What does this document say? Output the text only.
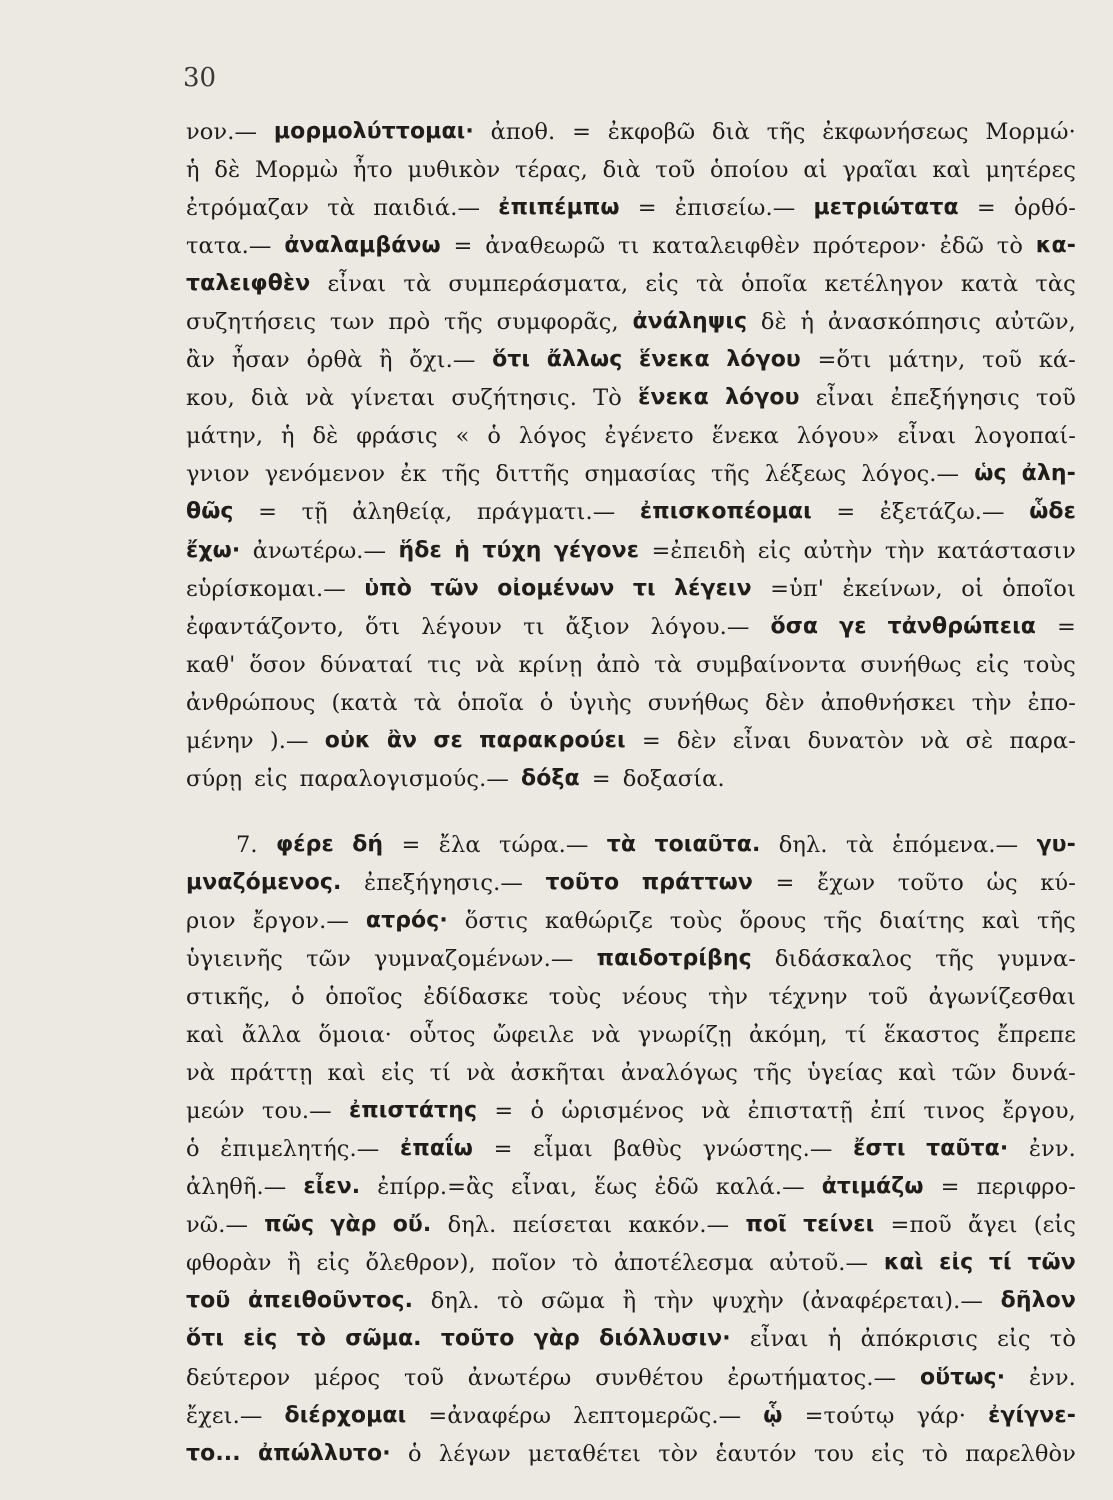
30
νον.— μορμολύττομαι· ἀποθ. = ἐκφοβῶ διὰ τῆς ἐκφωνήσεως Μορμώ·
ἡ δὲ Μορμὼ ἦτο μυθικὸν τέρας, διὰ τοῦ ὁποίου αἱ γραῖαι καὶ μητέρες
ἐτρόμαζαν τὰ παιδιά.— ἐπιπέμπω = ἐπισείω.— μετριώτατα = ὀρθό-
τατα.— ἀναλαμβάνω = ἀναθεωρῶ τι καταλειφθὲν πρότερον· ἐδῶ τὸ κα-
ταλειφθὲν εἶναι τὰ συμπεράσματα, εἰς τὰ ὁποῖα κετέληγον κατὰ τὰς
συζητήσεις των πρὸ τῆς συμφορᾶς, ἀνάληψις δὲ ἡ ἀνασκόπησις αὐτῶν,
ἂν ἦσαν ὀρθὰ ἢ ὄχι.— ὅτι ἄλλως ἕνεκα λόγου =ὅτι μάτην, τοῦ κά-
κου, διὰ νὰ γίνεται συζήτησις. Τὸ ἕνεκα λόγου εἶναι ἐπεξήγησις τοῦ
μάτην, ἡ δὲ φράσις « ὁ λόγος ἐγένετο ἕνεκα λόγου» εἶναι λογοπαί-
γνιον γενόμενον ἐκ τῆς διττῆς σημασίας τῆς λέξεως λόγος.— ὡς ἀλη-
θῶς = τῇ ἀληθείᾳ, πράγματι.— ἐπισκοπέομαι = ἐξετάζω.— ὧδε
ἔχω· ἀνωτέρω.— ἥδε ἡ τύχη γέγονε =ἐπειδὴ εἰς αὐτὴν τὴν κατάστασιν
εὑρίσκομαι.— ὑπὸ τῶν οἰομένων τι λέγειν =ὑπ' ἐκείνων, οἱ ὁποῖοι
ἐφαντάζοντο, ὅτι λέγουν τι ἄξιον λόγου.— ὅσα γε τἀνθρώπεια =
καθ' ὅσον δύναταί τις νὰ κρίνῃ ἀπὸ τὰ συμβαίνοντα συνήθως εἰς τοὺς
ἀνθρώπους (κατὰ τὰ ὁποῖα ὁ ὑγιὴς συνήθως δὲν ἀποθνήσκει τὴν ἐπο-
μένην ).— οὐκ ἂν σε παρακρούει = δὲν εἶναι δυνατὸν νὰ σὲ παρα-
σύρῃ εἰς παραλογισμούς.— δόξα = δοξασία.
7. φέρε δή = ἔλα τώρα.— τὰ τοιαῦτα. δηλ. τὰ ἑπόμενα.— γυ-
μναζόμενος. ἐπεξήγησις.— τοῦτο πράττων = ἔχων τοῦτο ὡς κύ-
ριον ἔργον.— ατρός· ὅστις καθώριζε τοὺς ὅρους τῆς διαίτης καὶ τῆς
ὑγιεινῆς τῶν γυμναζομένων.— παιδοτρίβης διδάσκαλος τῆς γυμνα-
στικῆς, ὁ ὁποῖος ἐδίδασκε τοὺς νέους τὴν τέχνην τοῦ ἀγωνίζεσθαι
καὶ ἄλλα ὅμοια· οὗτος ὤφειλε νὰ γνωρίζῃ ἀκόμη, τί ἕκαστος ἔπρεπε
νὰ πράττῃ καὶ εἰς τί νὰ ἀσκῆται ἀναλόγως τῆς ὑγείας καὶ τῶν δυνά-
μεών του.— ἐπιστάτης = ὁ ὡρισμένος νὰ ἐπιστατῇ ἐπί τινος ἔργου,
ὁ ἐπιμελητής.— ἐπαΐω = εἶμαι βαθὺς γνώστης.— ἔστι ταῦτα· ἐνν.
ἀληθῆ.— εἶεν. ἐπίρρ.=ἂς εἶναι, ἕως ἐδῶ καλά.— ἀτιμάζω = περιφρο-
νῶ.— πῶς γὰρ οὔ. δηλ. πείσεται κακόν.— ποῖ τείνει =ποῦ ἄγει (εἰς
φθορὰν ἢ εἰς ὄλεθρον), ποῖον τὸ ἀποτέλεσμα αὐτοῦ.— καὶ εἰς τί τῶν
τοῦ ἀπειθοῦντος. δηλ. τὸ σῶμα ἢ τὴν ψυχὴν (ἀναφέρεται).— δῆλον
ὅτι εἰς τὸ σῶμα. τοῦτο γὰρ διόλλυσιν· εἶναι ἡ ἀπόκρισις εἰς τὸ
δεύτερον μέρος τοῦ ἀνωτέρω συνθέτου ἐρωτήματος.— οὕτως· ἐνν.
ἔχει.— διέρχομαι =ἀναφέρω λεπτομερῶς.— ᾧ =τούτῳ γάρ· ἐγίγνε-
το... ἀπώλλυτο· ὁ λέγων μεταθέτει τὸν ἑαυτόν του εἰς τὸ παρελθὸν
